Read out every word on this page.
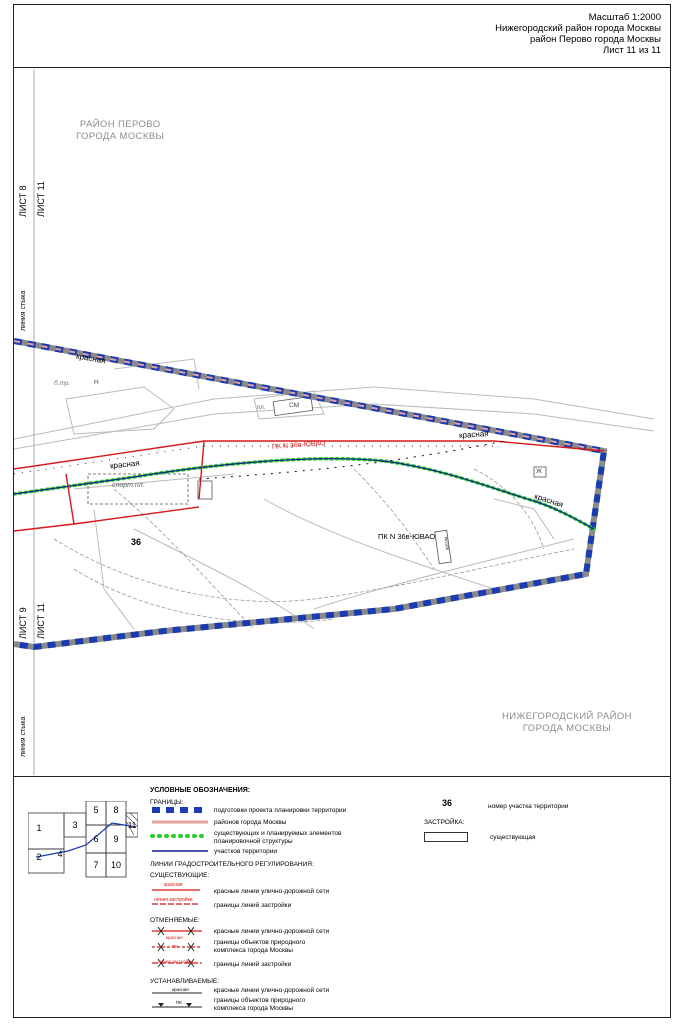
Масштаб 1:2000
Нижегородский район города Москвы
район Перово города Москвы
Лист 11 из 11
РАЙОН ПЕРОВО
ГОРОДА МОСКВЫ
НИЖЕГОРОДСКИЙ РАЙОН
ГОРОДА МОСКВЫ
ЛИСТ 8 ЛИСТ 11
линия стыка
ЛИСТ 9 ЛИСТ 11
линия стыка
красная
красная
красная
красная
36
ПК N 36в-ЮВАО
ПК N 36в-ЮВАО
спорт.пл.
б.тр.
СМ
Ж
Н
пл.
автом.
1
2
3
4
5
6
7
8
9
10
11
УСЛОВНЫЕ ОБОЗНАЧЕНИЯ:
ГРАНИЦЫ:
подготовки проекта планировки территории
районов города Москвы
существующих и планируемых элементов
планировочной структуры
участков территории
ЛИНИИ ГРАДОСТРОИТЕЛЬНОГО РЕГУЛИРОВАНИЯ:
СУЩЕСТВУЮЩИЕ:
красная
линия застройки
красные линии улично-дорожной сети
границы линий застройки
ОТМЕНЯЕМЫЕ:
красная
ПК
линия застройки
красные линии улично-дорожной сети
границы объектов природного
комплекса города Москвы
границы линий застройки
УСТАНАВЛИВАЕМЫЕ:
красная
ПК
красные линии улично-дорожной сети
границы объектов природного
комплекса города Москвы
36	номер участка территории
ЗАСТРОЙКА:
существующая
